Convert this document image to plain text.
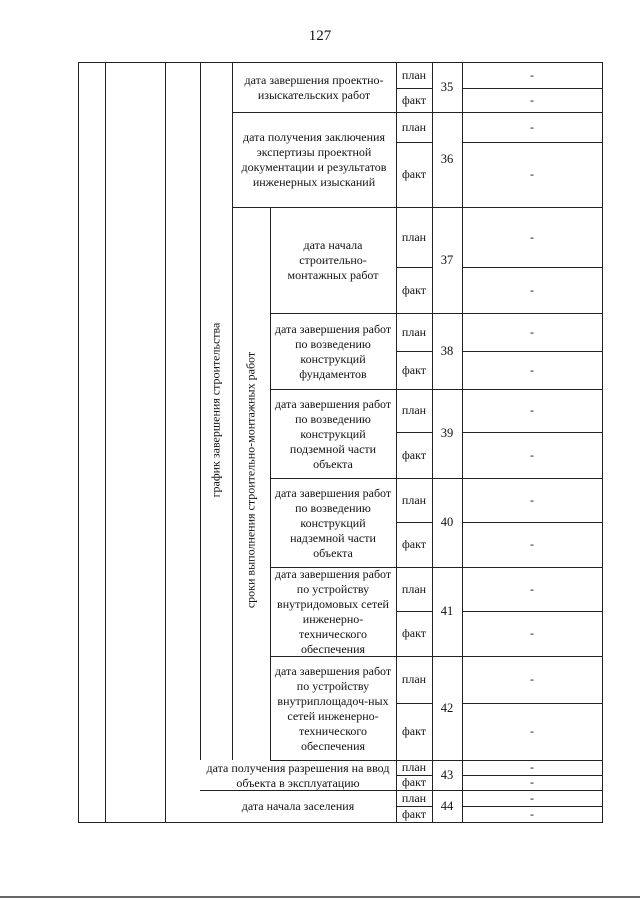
127
дата завершения проектно-изыскательских работ
план
факт
35
-
-
дата получения заключения экспертизы проектной документации и результатов инженерных изысканий
план
факт
36
-
-
дата начала строительно-монтажных работ
план
факт
37
-
-
дата завершения работ по возведению конструкций фундаментов
план
факт
38
-
-
дата завершения работ по возведению конструкций подземной части объекта
план
факт
39
-
-
дата завершения работ по возведению конструкций надземной части объекта
план
факт
40
-
-
дата завершения работ по устройству внутридомовых сетей инженерно-технического обеспечения
план
факт
41
-
-
дата завершения работ по устройству внутриплощадоч-ных сетей инженерно-технического обеспечения
план
факт
42
-
-
дата получения разрешения на ввод объекта в эксплуатацию
план
факт
43
-
-
дата начала заселения
план
факт
44
-
-
график завершения строительства сроки выполнения строительно-монтажных работ
